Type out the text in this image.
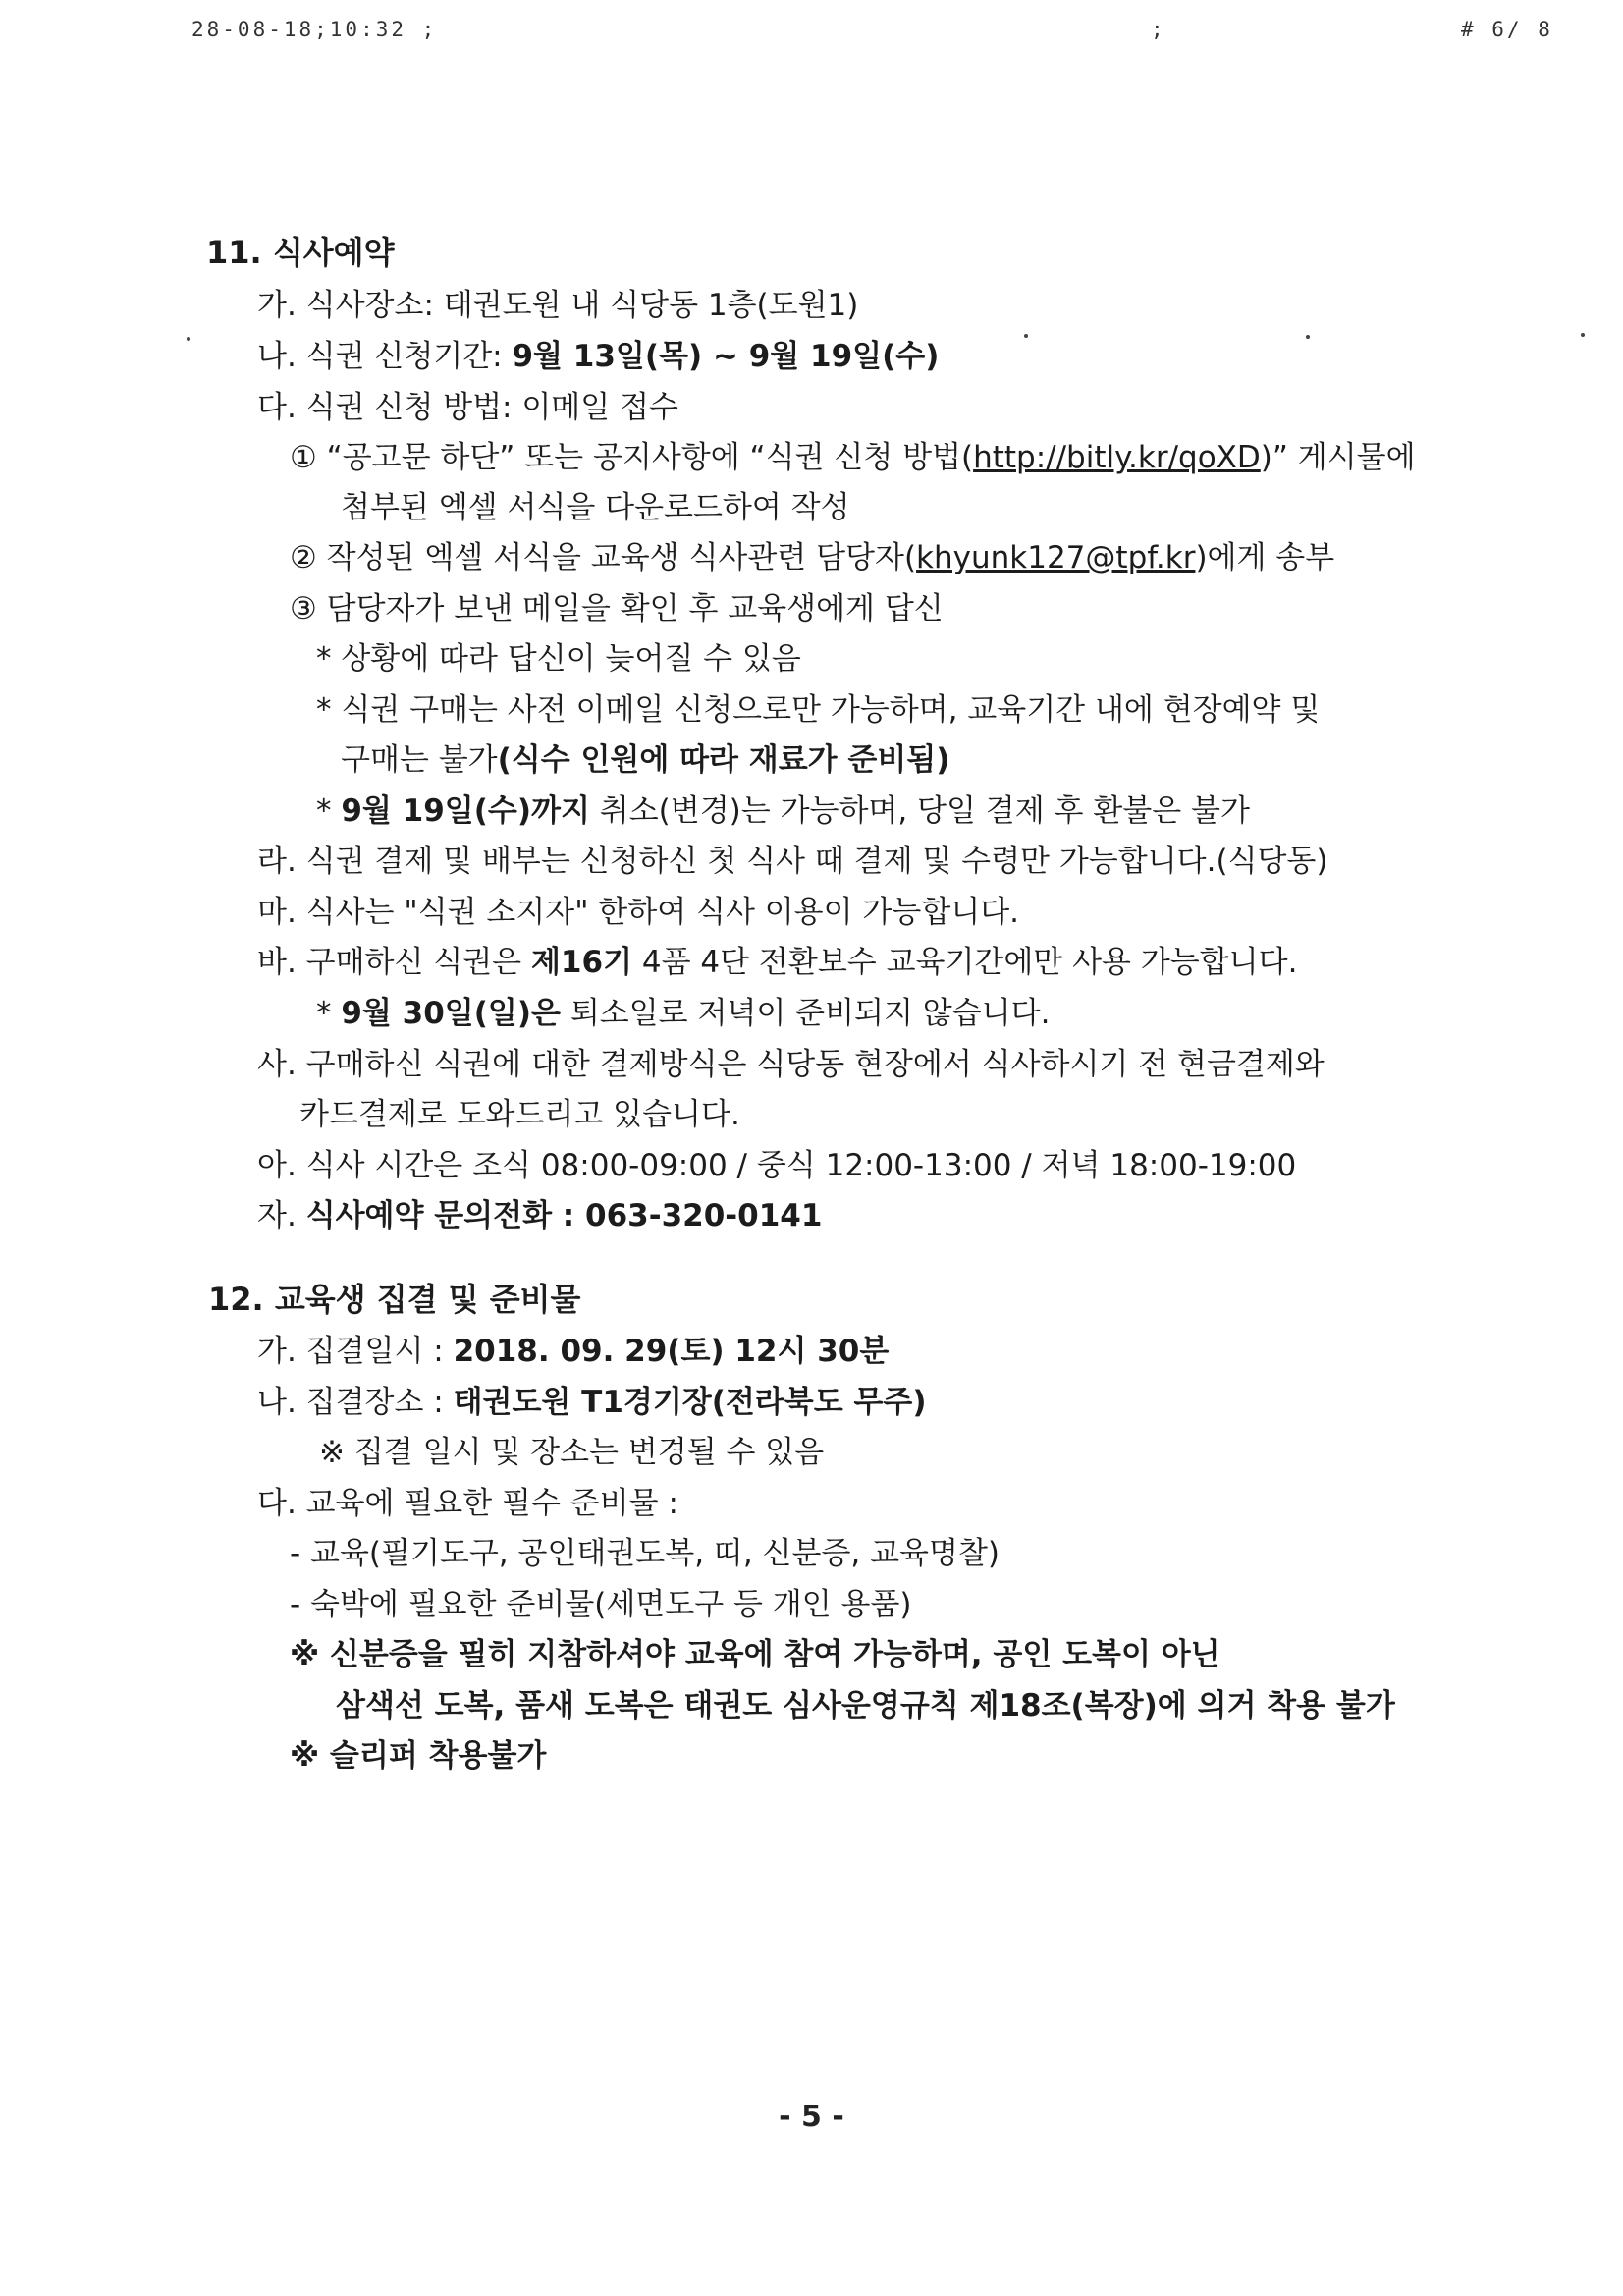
28-08-18;10:32 ;	;	# 6/ 8
11. 식사예약
가. 식사장소: 태권도원 내 식당동 1층(도원1)
나. 식권 신청기간: 9월 13일(목) ~ 9월 19일(수)
다. 식권 신청 방법: 이메일 접수
① “공고문 하단” 또는 공지사항에 “식권 신청 방법(http://bitly.kr/qoXD)” 게시물에
첨부된 엑셀 서식을 다운로드하여 작성
② 작성된 엑셀 서식을 교육생 식사관련 담당자(khyunk127@tpf.kr)에게 송부
③ 담당자가 보낸 메일을 확인 후 교육생에게 답신
* 상황에 따라 답신이 늦어질 수 있음
* 식권 구매는 사전 이메일 신청으로만 가능하며, 교육기간 내에 현장예약 및
구매는 불가(식수 인원에 따라 재료가 준비됨)
* 9월 19일(수)까지 취소(변경)는 가능하며, 당일 결제 후 환불은 불가
라. 식권 결제 및 배부는 신청하신 첫 식사 때 결제 및 수령만 가능합니다.(식당동)
마. 식사는 "식권 소지자" 한하여 식사 이용이 가능합니다.
바. 구매하신 식권은 제16기 4품 4단 전환보수 교육기간에만 사용 가능합니다.
* 9월 30일(일)은 퇴소일로 저녁이 준비되지 않습니다.
사. 구매하신 식권에 대한 결제방식은 식당동 현장에서 식사하시기 전 현금결제와
카드결제로 도와드리고 있습니다.
아. 식사 시간은 조식 08:00-09:00 / 중식 12:00-13:00 / 저녁 18:00-19:00
자. 식사예약 문의전화 : 063-320-0141
12. 교육생 집결 및 준비물
가. 집결일시 : 2018. 09. 29(토) 12시 30분
나. 집결장소 : 태권도원 T1경기장(전라북도 무주)
※ 집결 일시 및 장소는 변경될 수 있음
다. 교육에 필요한 필수 준비물 :
- 교육(필기도구, 공인태권도복, 띠, 신분증, 교육명찰)
- 숙박에 필요한 준비물(세면도구 등 개인 용품)
※ 신분증을 필히 지참하셔야 교육에 참여 가능하며, 공인 도복이 아닌
삼색선 도복, 품새 도복은 태권도 심사운영규칙 제18조(복장)에 의거 착용 불가
※ 슬리퍼 착용불가
- 5 -
